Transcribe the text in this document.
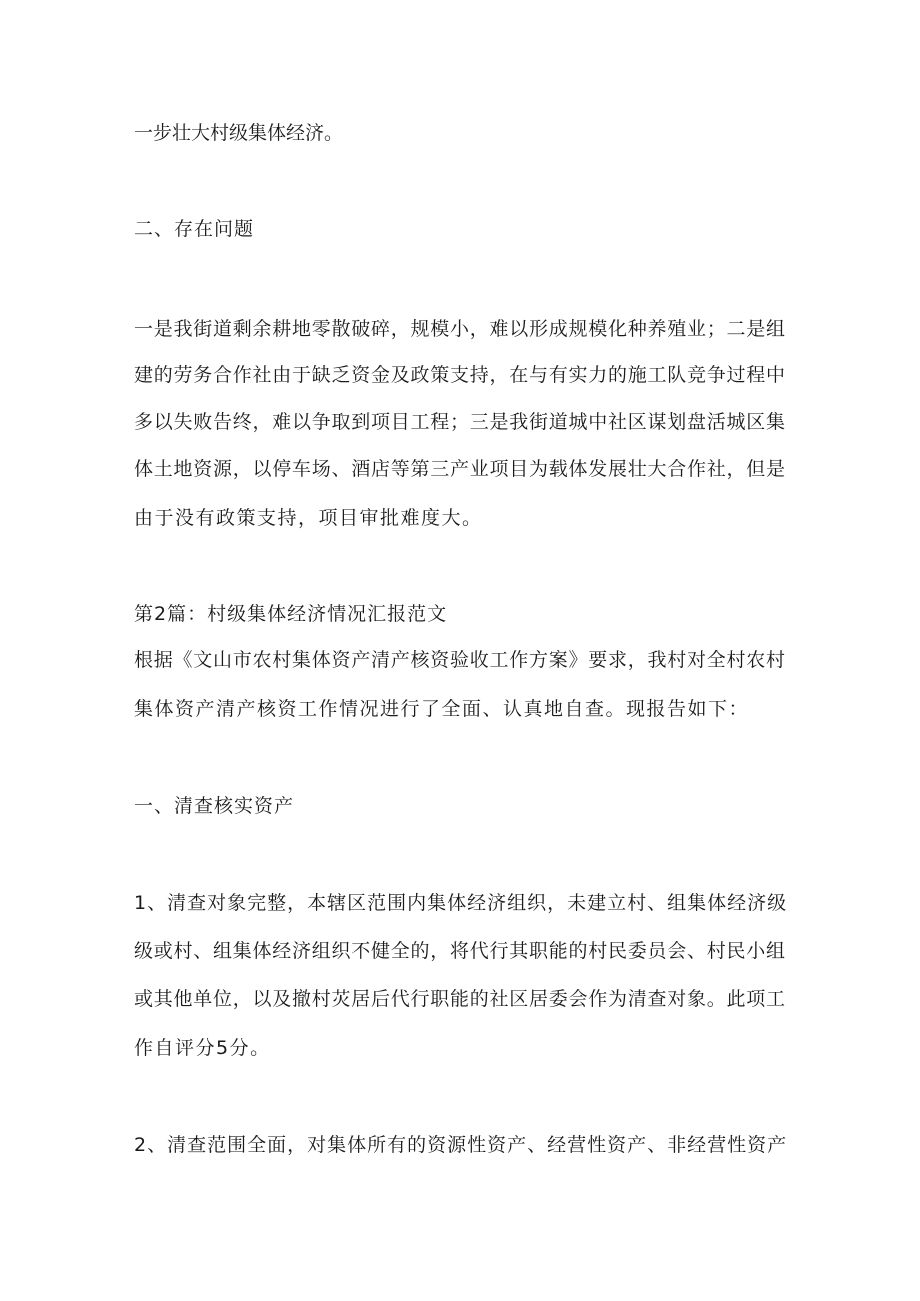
一步壮大村级集体经济。
二、存在问题
一是我街道剩余耕地零散破碎，规模小，难以形成规模化种养殖业；二是组
建的劳务合作社由于缺乏资金及政策支持，在与有实力的施工队竞争过程中
多以失败告终，难以争取到项目工程；三是我街道城中社区谋划盘活城区集
体土地资源，以停车场、酒店等第三产业项目为载体发展壮大合作社，但是
由于没有政策支持，项目审批难度大。
第2篇：村级集体经济情况汇报范文
根据《文山市农村集体资产清产核资验收工作方案》要求，我村对全村农村
集体资产清产核资工作情况进行了全面、认真地自查。现报告如下：
一、清查核实资产
1、清查对象完整，本辖区范围内集体经济组织，未建立村、组集体经济级
级或村、组集体经济组织不健全的，将代行其职能的村民委员会、村民小组
或其他单位，以及撤村苂居后代行职能的社区居委会作为清查对象。此项工
作自评分5分。
2、清查范围全面，对集体所有的资源性资产、经营性资产、非经营性资产
